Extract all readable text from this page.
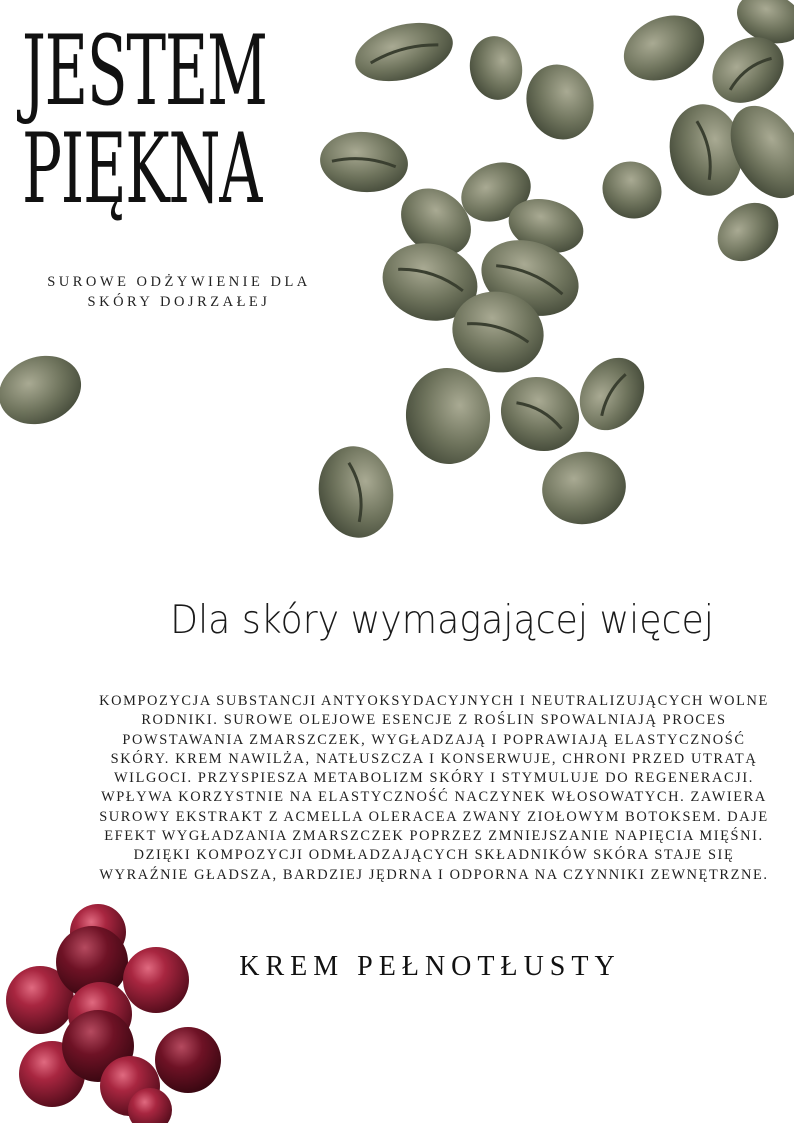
JESTEM
PIĘKNA
SUROWE ODŻYWIENIE DLA
SKÓRY DOJRZAŁEJ
Dla skóry wymagającej więcej
KOMPOZYCJA SUBSTANCJI ANTYOKSYDACYJNYCH I NEUTRALIZUJĄCYCH WOLNE RODNIKI. SUROWE OLEJOWE ESENCJE Z ROŚLIN SPOWALNIAJĄ PROCES POWSTAWANIA ZMARSZCZEK, WYGŁADZAJĄ I POPRAWIAJĄ ELASTYCZNOŚĆ SKÓRY. KREM NAWILŻA, NATŁUSZCZA I KONSERWUJE, CHRONI PRZED UTRATĄ WILGOCI. PRZYSPIESZA METABOLIZM SKÓRY I STYMULUJE DO REGENERACJI. WPŁYWA KORZYSTNIE NA ELASTYCZNOŚĆ NACZYNEK WŁOSOWATYCH. ZAWIERA SUROWY EKSTRAKT Z ACMELLA OLERACEA ZWANY ZIOŁOWYM BOTOKSEM. DAJE EFEKT WYGŁADZANIA ZMARSZCZEK POPRZEZ ZMNIEJSZANIE NAPIĘCIA MIĘŚNI. DZIĘKI KOMPOZYCJI ODMŁADZAJĄCYCH SKŁADNIKÓW SKÓRA STAJE SIĘ WYRAŹNIE GŁADSZA, BARDZIEJ JĘDRNA I ODPORNA NA CZYNNIKI ZEWNĘTRZNE.
KREM PEŁNOTŁUSTY
